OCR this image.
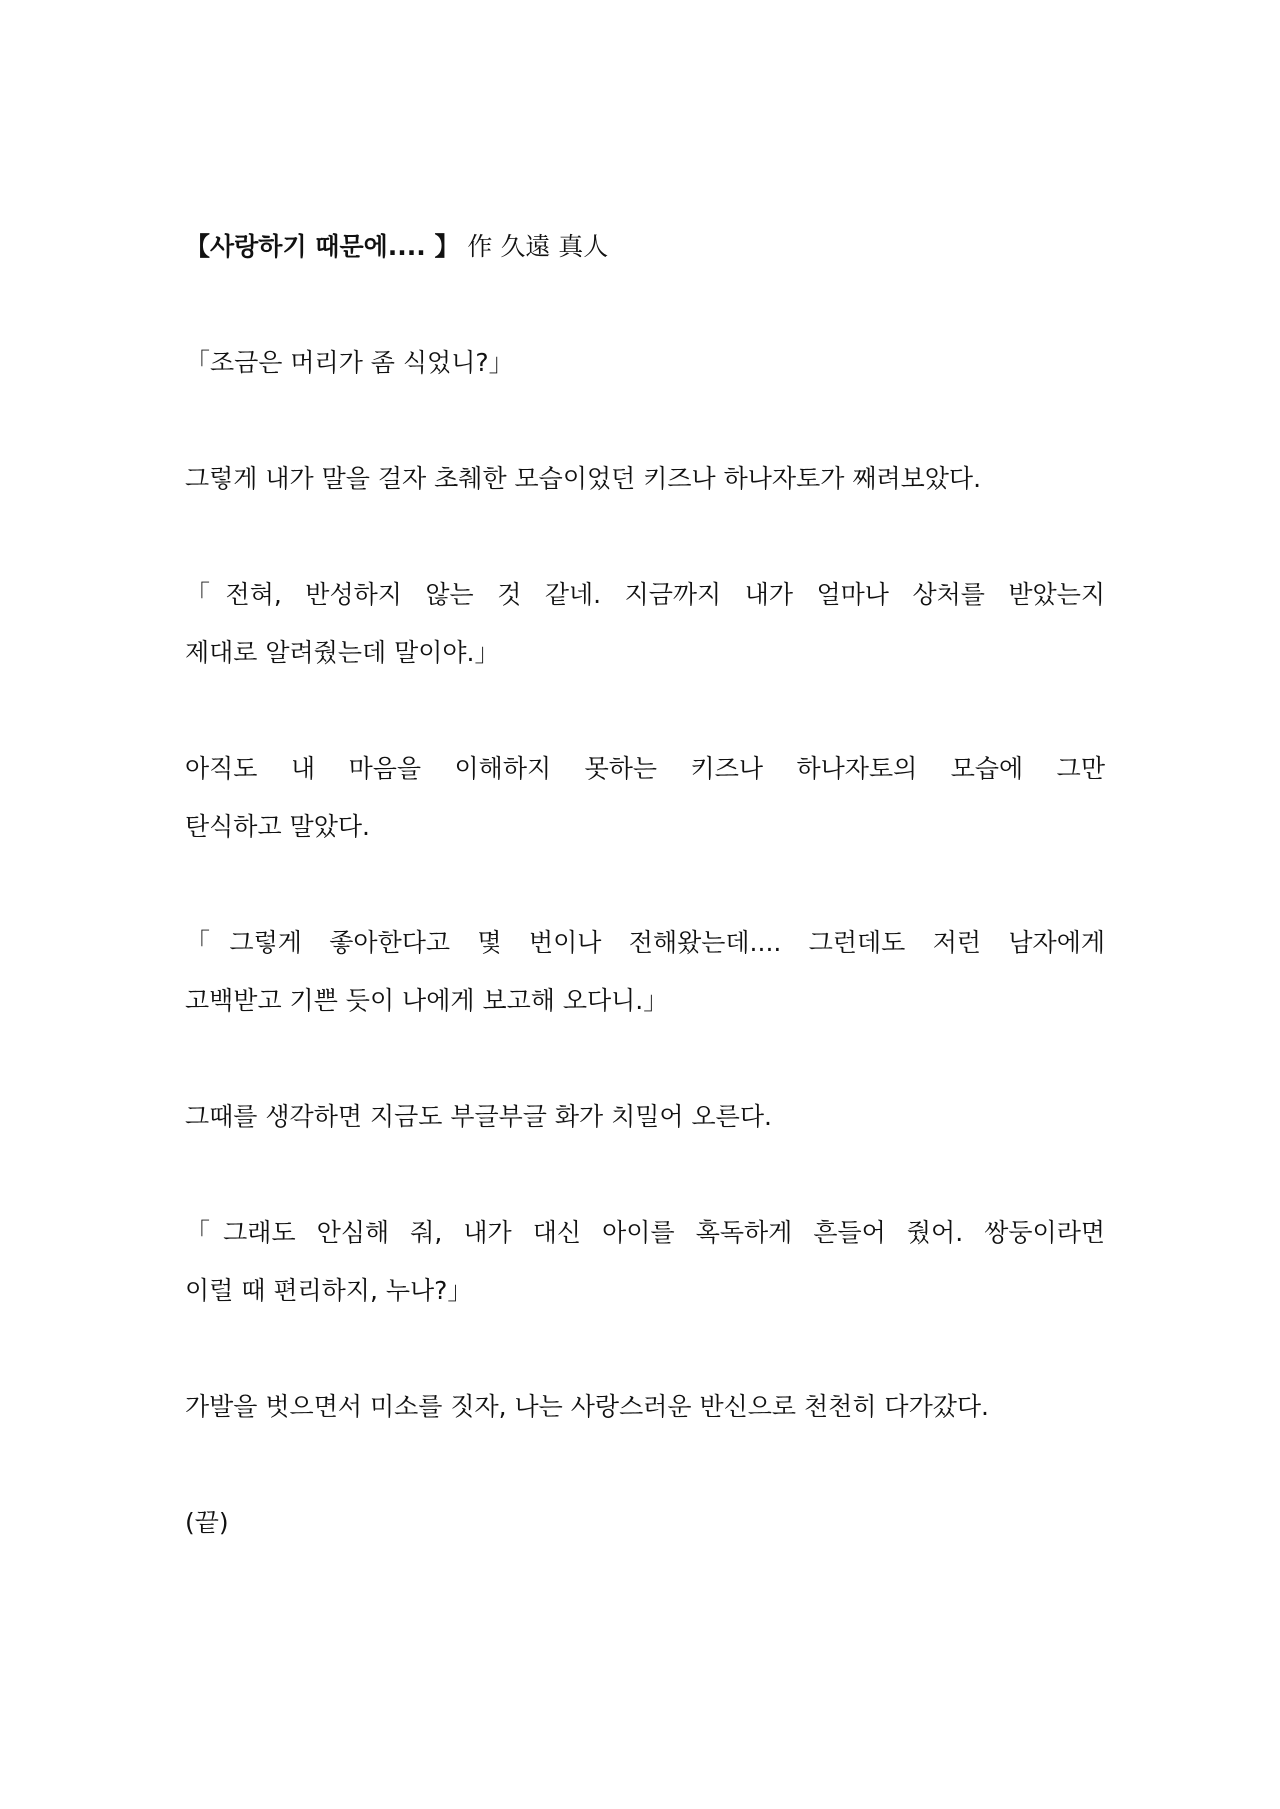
【사랑하기 때문에.... 】 作 久遠 真人

「조금은 머리가 좀 식었니?」

그렇게 내가 말을 걸자 초췌한 모습이었던 키즈나 하나자토가 째려보았다.

「전혀, 반성하지 않는 것 같네. 지금까지 내가 얼마나 상처를 받았는지

제대로 알려줬는데 말이야.」

아직도 내 마음을 이해하지 못하는 키즈나 하나자토의 모습에 그만

탄식하고 말았다.

「그렇게 좋아한다고 몇 번이나 전해왔는데.... 그런데도 저런 남자에게

고백받고 기쁜 듯이 나에게 보고해 오다니.」

그때를 생각하면 지금도 부글부글 화가 치밀어 오른다.

「그래도 안심해 줘, 내가 대신 아이를 혹독하게 흔들어 줬어. 쌍둥이라면

이럴 때 편리하지, 누나?」

가발을 벗으면서 미소를 짓자, 나는 사랑스러운 반신으로 천천히 다가갔다.

(끝)
